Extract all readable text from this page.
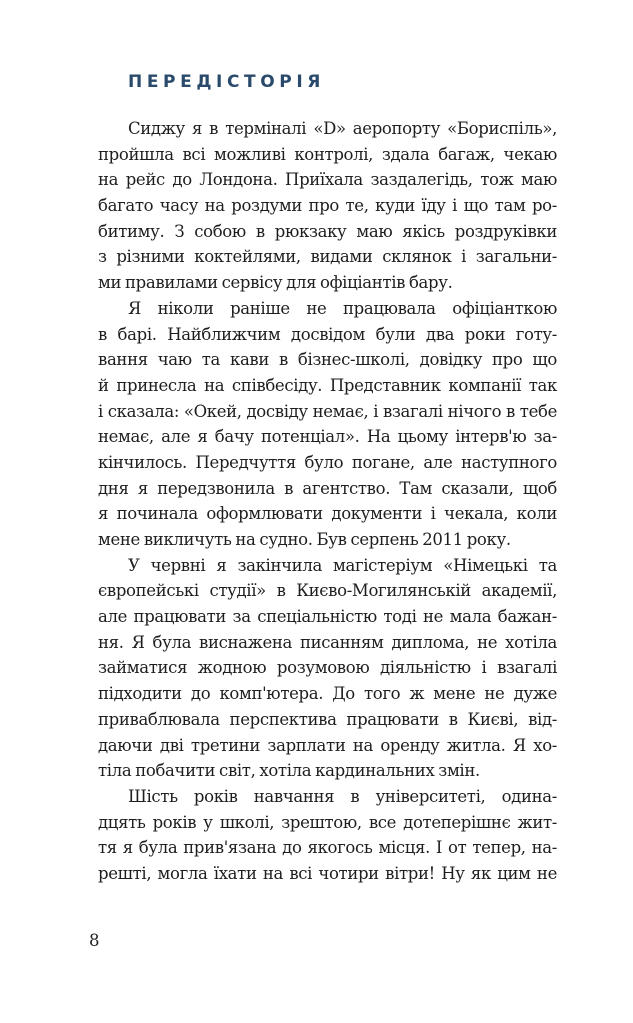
ПЕРЕДІСТОРІЯ
Сиджу я в терміналі «D» аеропорту «Бориспіль»,
пройшла всі можливі контролі, здала багаж, чекаю
на рейс до Лондона. Приїхала заздалегідь, тож маю
багато часу на роздуми про те, куди їду і що там ро-
битиму. З собою в рюкзаку маю якісь роздруківки
з різними коктейлями, видами склянок і загальни-
ми правилами сервісу для офіціантів бару.
Я ніколи раніше не працювала офіціанткою
в барі. Найближчим досвідом були два роки готу-
вання чаю та кави в бізнес-школі, довідку про що
й принесла на співбесіду. Представник компанії так
і сказала: «Окей, досвіду немає, і взагалі нічого в тебе
немає, але я бачу потенціал». На цьому інтерв'ю за-
кінчилось. Передчуття було погане, але наступного
дня я передзвонила в агентство. Там сказали, щоб
я починала оформлювати документи і чекала, коли
мене викличуть на судно. Був серпень 2011 року.
У червні я закінчила магістеріум «Німецькі та
європейські студії» в Києво-Могилянській академії,
але працювати за спеціальністю тоді не мала бажан-
ня. Я була виснажена писанням диплома, не хотіла
займатися жодною розумовою діяльністю і взагалі
підходити до комп'ютера. До того ж мене не дуже
приваблювала перспектива працювати в Києві, від-
даючи дві третини зарплати на оренду житла. Я хо-
тіла побачити світ, хотіла кардинальних змін.
Шість років навчання в університеті, одина-
дцять років у школі, зрештою, все дотеперішнє жит-
тя я була прив'язана до якогось місця. І от тепер, на-
решті, могла їхати на всі чотири вітри! Ну як цим не
8
